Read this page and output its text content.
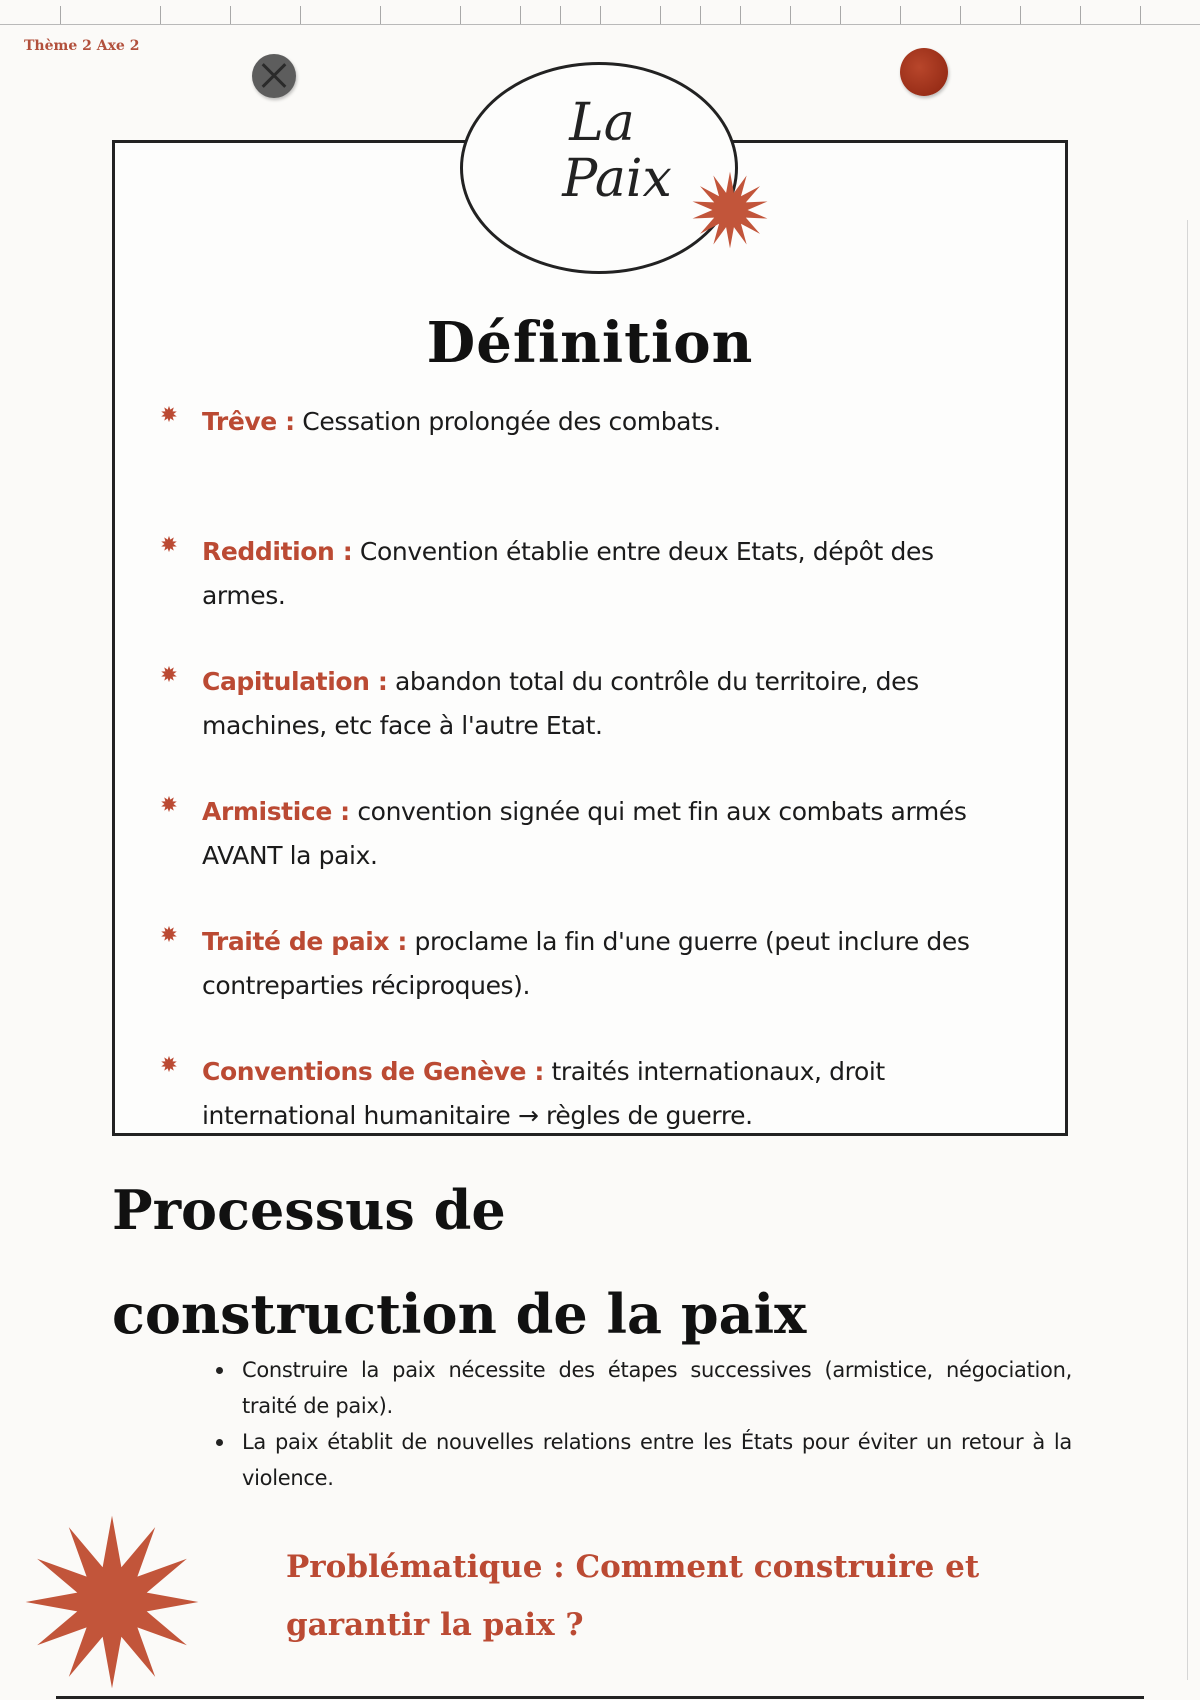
Thème 2 Axe 2
La
Paix
Définition
Trêve : Cessation prolongée des combats.
Reddition : Convention établie entre deux Etats, dépôt des armes.
Capitulation : abandon total du contrôle du territoire, des machines, etc face à l'autre Etat.
Armistice : convention signée qui met fin aux combats armés AVANT la paix.
Traité de paix : proclame la fin d'une guerre (peut inclure des contreparties réciproques).
Conventions de Genève : traités internationaux, droit international humanitaire → règles de guerre.
Processus de
construction de la paix
Construire la paix nécessite des étapes successives (armistice, négociation, traité de paix).
La paix établit de nouvelles relations entre les États pour éviter un retour à la violence.
Problématique : Comment construire et garantir la paix ?
